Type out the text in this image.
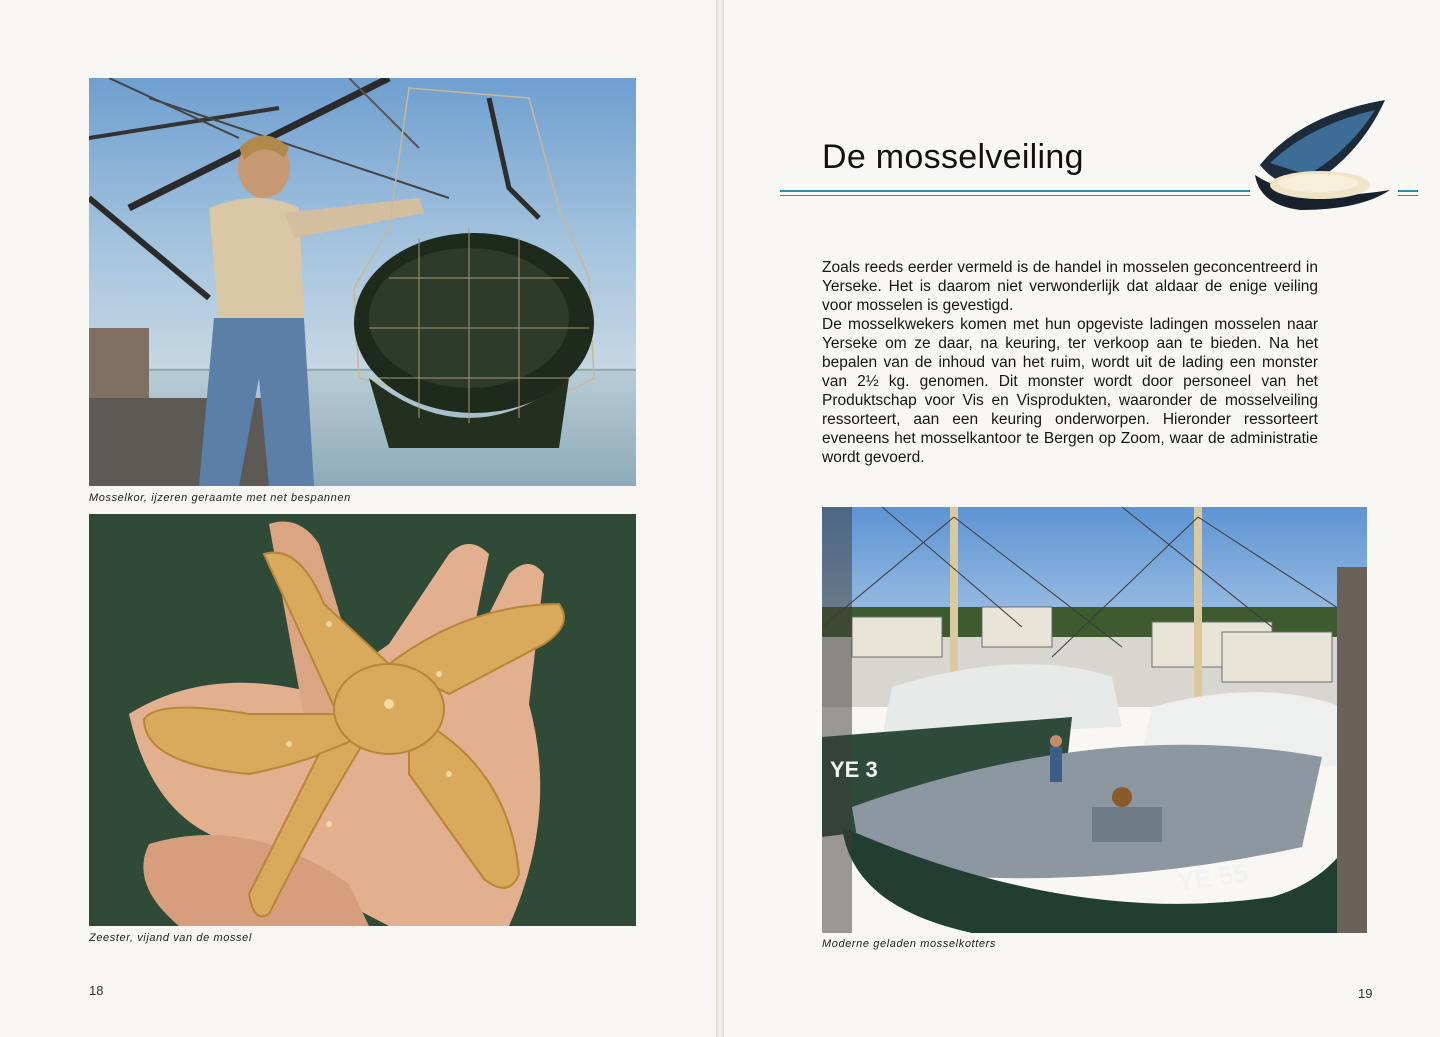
Mosselkor, ijzeren geraamte met net bespannen
Zeester, vijand van de mossel
18
De mosselveiling

Zoals reeds eerder vermeld is de handel in mosselen geconcentreerd in Yerseke. Het is daarom niet verwonderlijk dat aldaar de enige veiling voor mosselen is gevestigd.

De mosselkwekers komen met hun opgeviste ladingen mosselen naar Yerseke om ze daar, na keuring, ter verkoop aan te bieden. Na het bepalen van de inhoud van het ruim, wordt uit de lading een monster van 2½ kg. genomen. Dit monster wordt door personeel van het Produktschap voor Vis en Visprodukten, waaronder de mosselveiling ressorteert, aan een keuring onderworpen. Hieronder ressorteert eveneens het mosselkantoor te Bergen op Zoom, waar de administratie wordt gevoerd.

YE 3
YE 55
Moderne geladen mosselkotters
19
